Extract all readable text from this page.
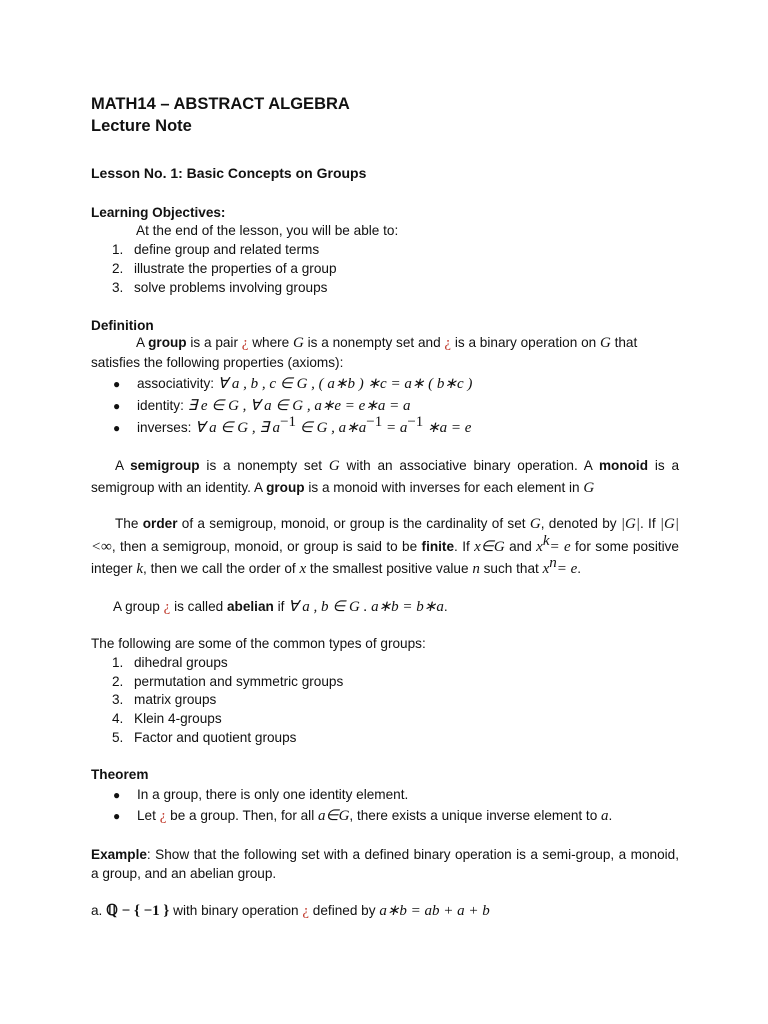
MATH14 – ABSTRACT ALGEBRA
Lecture Note
Lesson No. 1: Basic Concepts on Groups
Learning Objectives:
At the end of the lesson, you will be able to:
1. define group and related terms
2. illustrate the properties of a group
3. solve problems involving groups
Definition
A group is a pair ¿ where G is a nonempty set and ¿ is a binary operation on G that
satisfies the following properties (axioms):
● associativity: ∀ a , b , c ∈ G , ( a∗b ) ∗c = a∗ ( b∗c )
● identity: ∃ e ∈ G , ∀ a ∈ G , a∗e = e∗a = a
● inverses: ∀ a ∈ G , ∃ $a^{-1}$ ∈ G , $a∗a^{-1} = a^{-1}$ ∗a = e
A semigroup is a nonempty set G with an associative binary operation. A monoid is a semigroup with an identity. A group is a monoid with inverses for each element in G
The order of a semigroup, monoid, or group is the cardinality of set G, denoted by |G|. If |G|<∞, then a semigroup, monoid, or group is said to be finite. If x∈G and $x^k= e$ for some positive integer k, then we call the order of x the smallest positive value n such that $x^n= e$.
A group ¿ is called abelian if ∀ a , b ∈ G . a∗b = b∗a.
The following are some of the common types of groups:
1. dihedral groups
2. permutation and symmetric groups
3. matrix groups
4. Klein 4-groups
5. Factor and quotient groups
Theorem
● In a group, there is only one identity element.
● Let ¿ be a group. Then, for all a∈G, there exists a unique inverse element to a.
Example: Show that the following set with a defined binary operation is a semi-group, a monoid, a group, and an abelian group.
a. ℚ − { −1 } with binary operation ¿ defined by a∗b = ab + a + b
